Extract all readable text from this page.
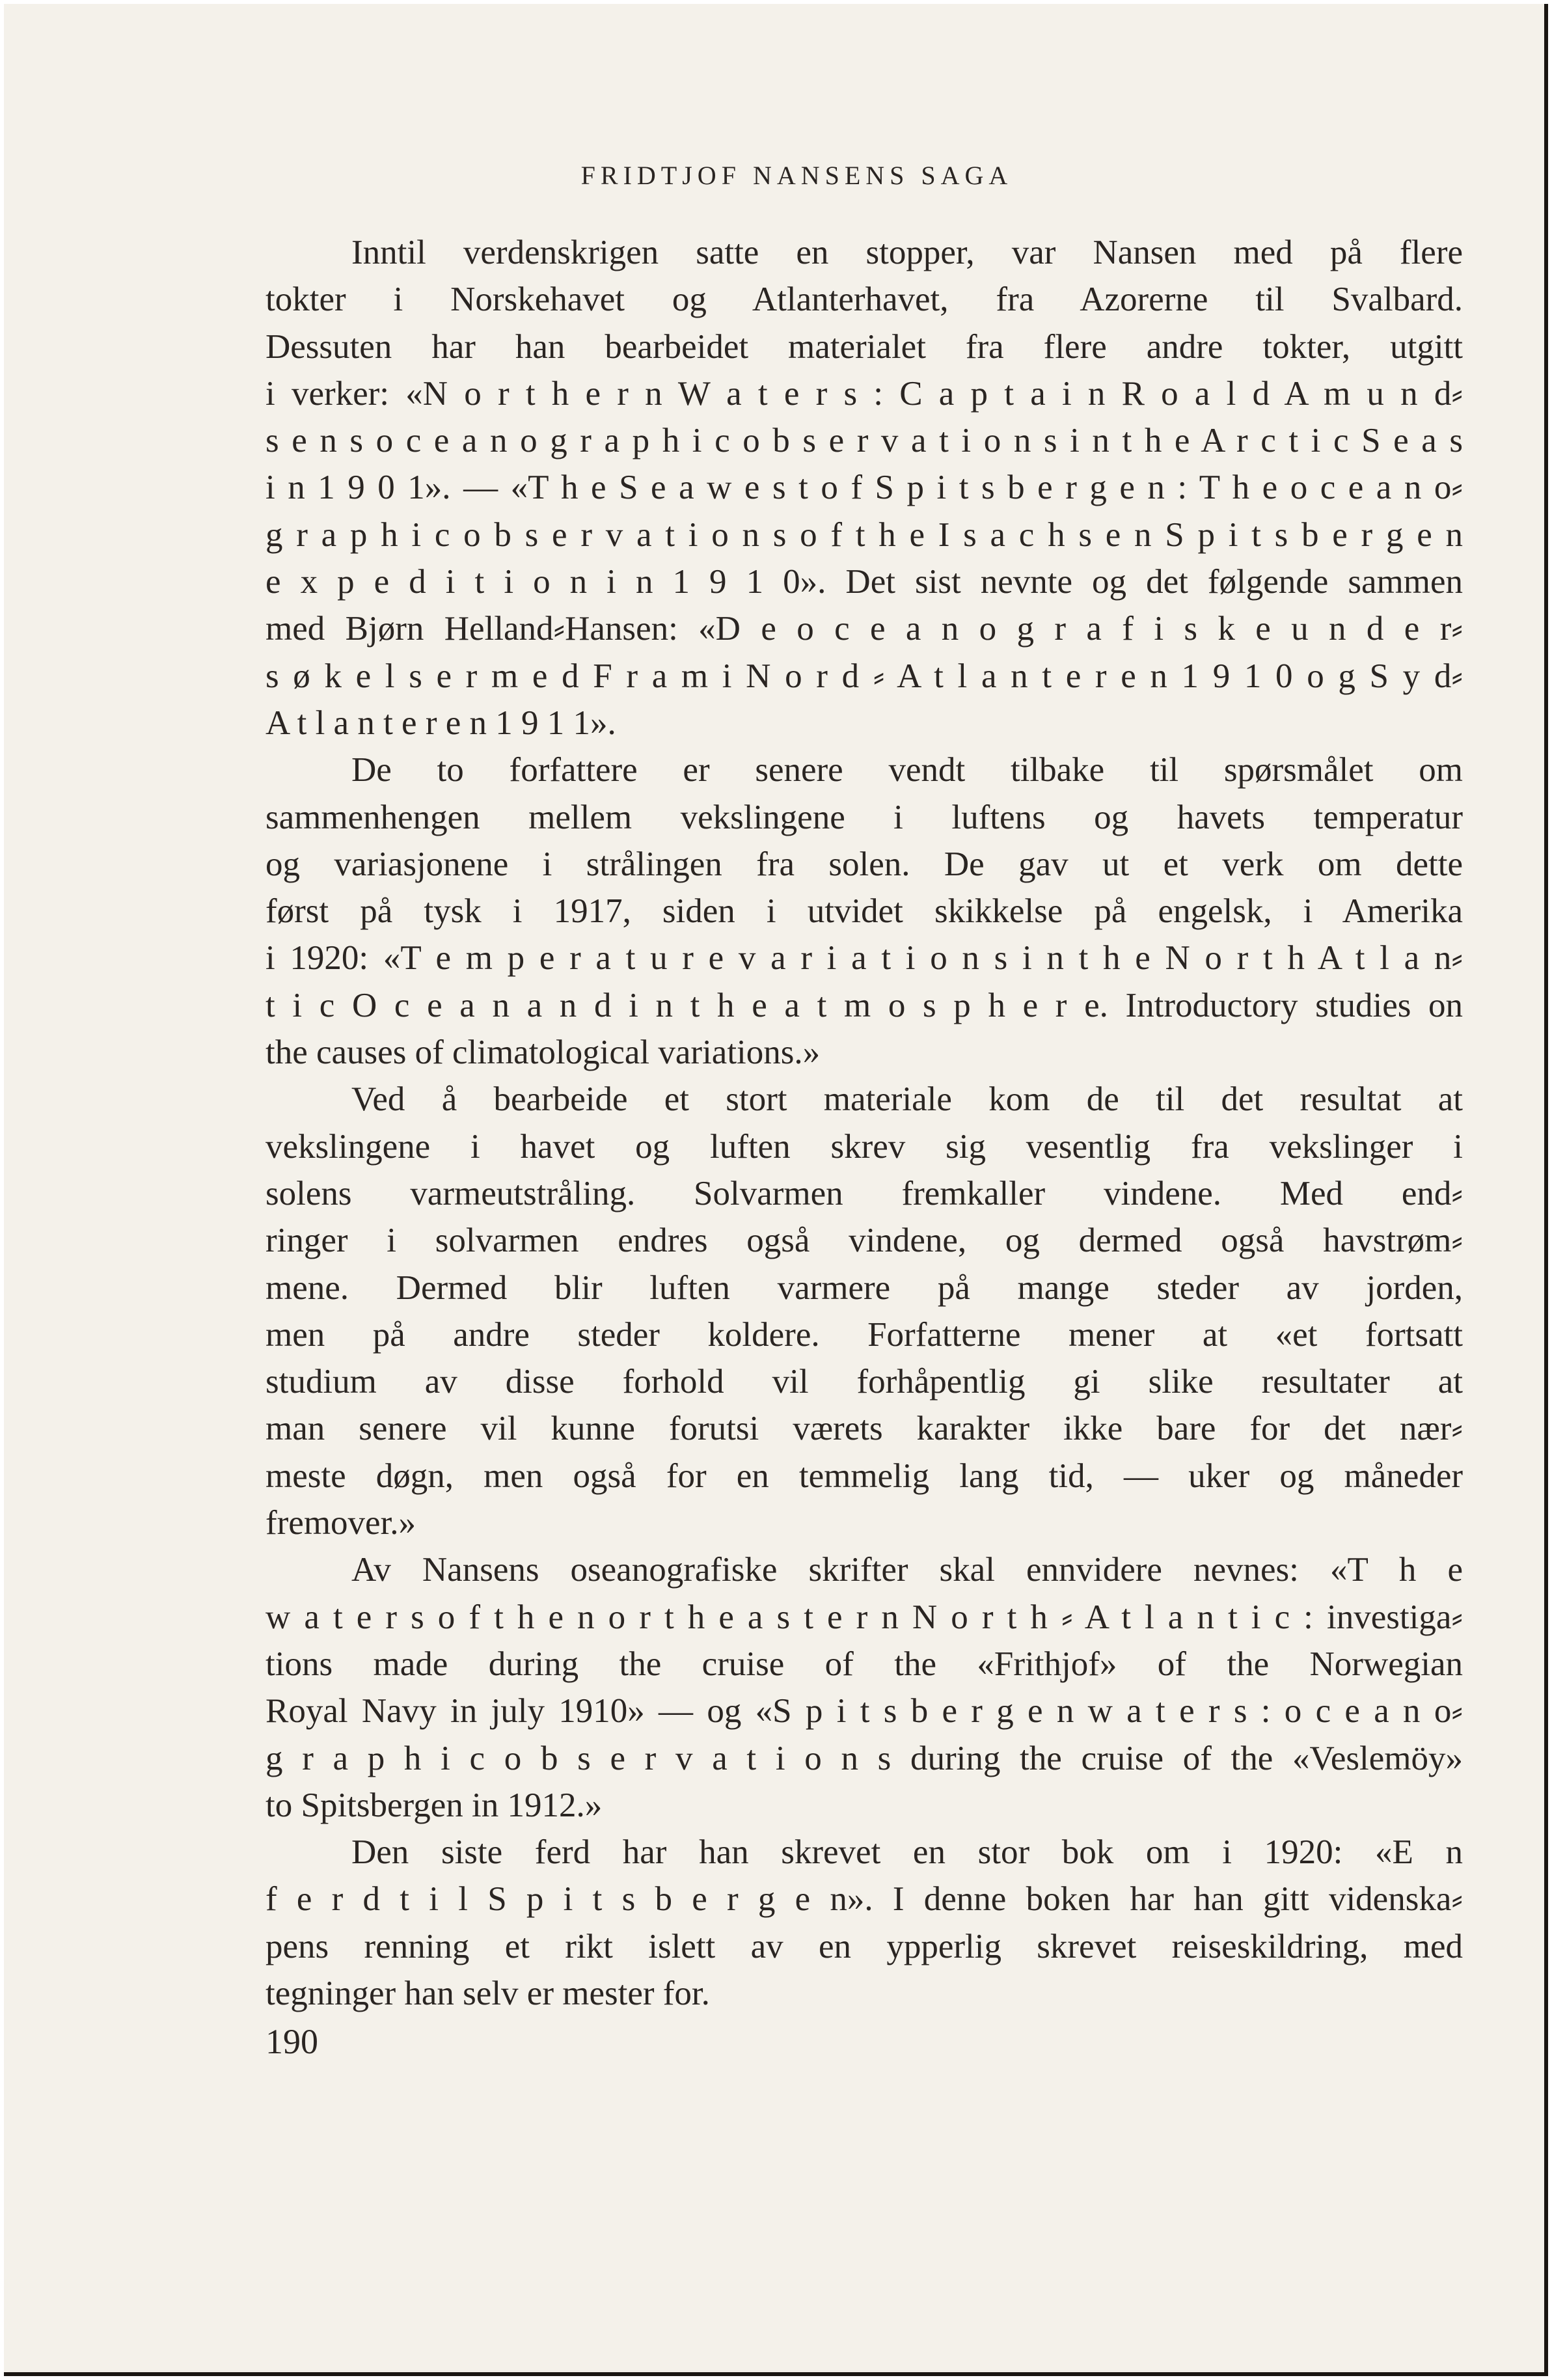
FRIDTJOF NANSENS SAGA
Inntil verdenskrigen satte en stopper, var Nansen med på flere
tokter i Norskehavet og Atlanterhavet, fra Azorerne til Svalbard.
Dessuten har han bearbeidet materialet fra flere andre tokter, utgitt
i verker: «N o r t h e r n W a t e r s : C a p t a i n R o a l d A m u n d⸗
s e n s o c e a n o g r a p h i c o b s e r v a t i o n s i n t h e A r c t i c S e a s
i n 1 9 0 1». — «T h e S e a w e s t o f S p i t s b e r g e n : T h e o c e a n o⸗
g r a p h i c o b s e r v a t i o n s o f t h e I s a c h s e n S p i t s b e r g e n
e x p e d i t i o n i n 1 9 1 0». Det sist nevnte og det følgende sammen
med Bjørn Helland⸗Hansen: «D e o c e a n o g r a f i s k e u n d e r⸗
s ø k e l s e r m e d F r a m i N o r d ⸗ A t l a n t e r e n 1 9 1 0 o g S y d⸗
A t l a n t e r e n 1 9 1 1».
De to forfattere er senere vendt tilbake til spørsmålet om
sammenhengen mellem vekslingene i luftens og havets temperatur
og variasjonene i strålingen fra solen. De gav ut et verk om dette
først på tysk i 1917, siden i utvidet skikkelse på engelsk, i Amerika
i 1920: «T e m p e r a t u r e v a r i a t i o n s i n t h e N o r t h A t l a n⸗
t i c O c e a n a n d i n t h e a t m o s p h e r e. Introductory studies on
the causes of climatological variations.»
Ved å bearbeide et stort materiale kom de til det resultat at
vekslingene i havet og luften skrev sig vesentlig fra vekslinger i
solens varmeutstråling. Solvarmen fremkaller vindene. Med end⸗
ringer i solvarmen endres også vindene, og dermed også havstrøm⸗
mene. Dermed blir luften varmere på mange steder av jorden,
men på andre steder koldere. Forfatterne mener at «et fortsatt
studium av disse forhold vil forhåpentlig gi slike resultater at
man senere vil kunne forutsi værets karakter ikke bare for det nær⸗
meste døgn, men også for en temmelig lang tid, — uker og måneder
fremover.»
Av Nansens oseanografiske skrifter skal ennvidere nevnes: «T h e
w a t e r s o f t h e n o r t h e a s t e r n N o r t h ⸗ A t l a n t i c : investiga⸗
tions made during the cruise of the «Frithjof» of the Norwegian
Royal Navy in july 1910» — og «S p i t s b e r g e n w a t e r s : o c e a n o⸗
g r a p h i c o b s e r v a t i o n s during the cruise of the «Veslemöy»
to Spitsbergen in 1912.»
Den siste ferd har han skrevet en stor bok om i 1920: «E n
f e r d t i l S p i t s b e r g e n». I denne boken har han gitt videnska⸗
pens renning et rikt islett av en ypperlig skrevet reiseskildring, med
tegninger han selv er mester for.
190
